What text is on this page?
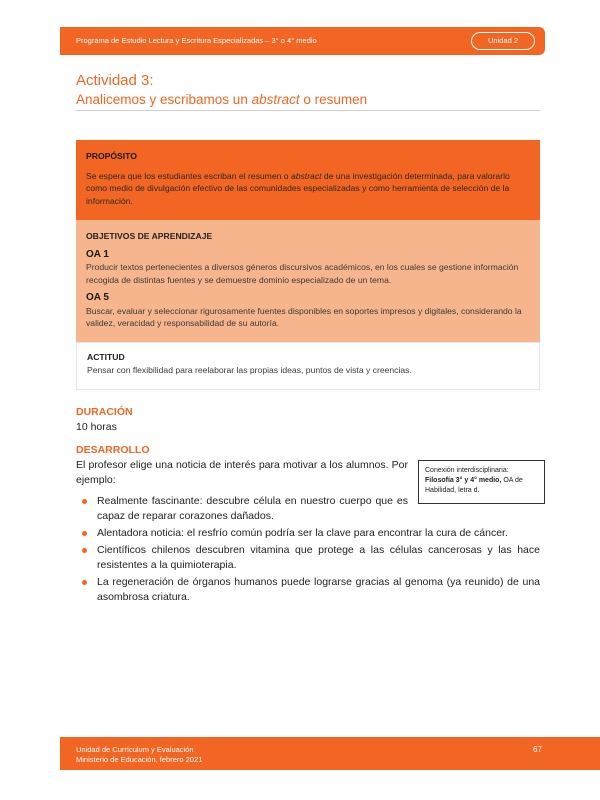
Programa de Estudio Lectura y Escritura Especializadas – 3° o 4° medio	Unidad 2
Actividad 3:
Analicemos y escribamos un abstract o resumen
PROPÓSITO

Se espera que los estudiantes escriban el resumen o abstract de una investigación determinada, para valorarlo como medio de divulgación efectivo de las comunidades especializadas y como herramienta de selección de la información.

OBJETIVOS DE APRENDIZAJE
OA 1

Producir textos pertenecientes a diversos géneros discursivos académicos, en los cuales se gestione información recogida de distintas fuentes y se demuestre dominio especializado de un tema.

OA 5

Buscar, evaluar y seleccionar rigurosamente fuentes disponibles en soportes impresos y digitales, considerando la validez, veracidad y responsabilidad de su autoría.

ACTITUD

Pensar con flexibilidad para reelaborar las propias ideas, puntos de vista y creencias.

DURACIÓN
10 horas
DESARROLLO
El profesor elige una noticia de interés para motivar a los alumnos. Por ejemplo:
Conexión interdisciplinaria:
Filosofía 3° y 4° medio, OA de Habilidad, letra d.
Realmente fascinante: descubre célula en nuestro cuerpo que es capaz de reparar corazones dañados.
Alentadora noticia: el resfrío común podría ser la clave para encontrar la cura de cáncer.
Científicos chilenos descubren vitamina que protege a las células cancerosas y las hace resistentes a la quimioterapia.
La regeneración de órganos humanos puede lograrse gracias al genoma (ya reunido) de una asombrosa criatura.
Unidad de Currículum y Evaluación
Ministerio de Educación, febrero 2021
67
